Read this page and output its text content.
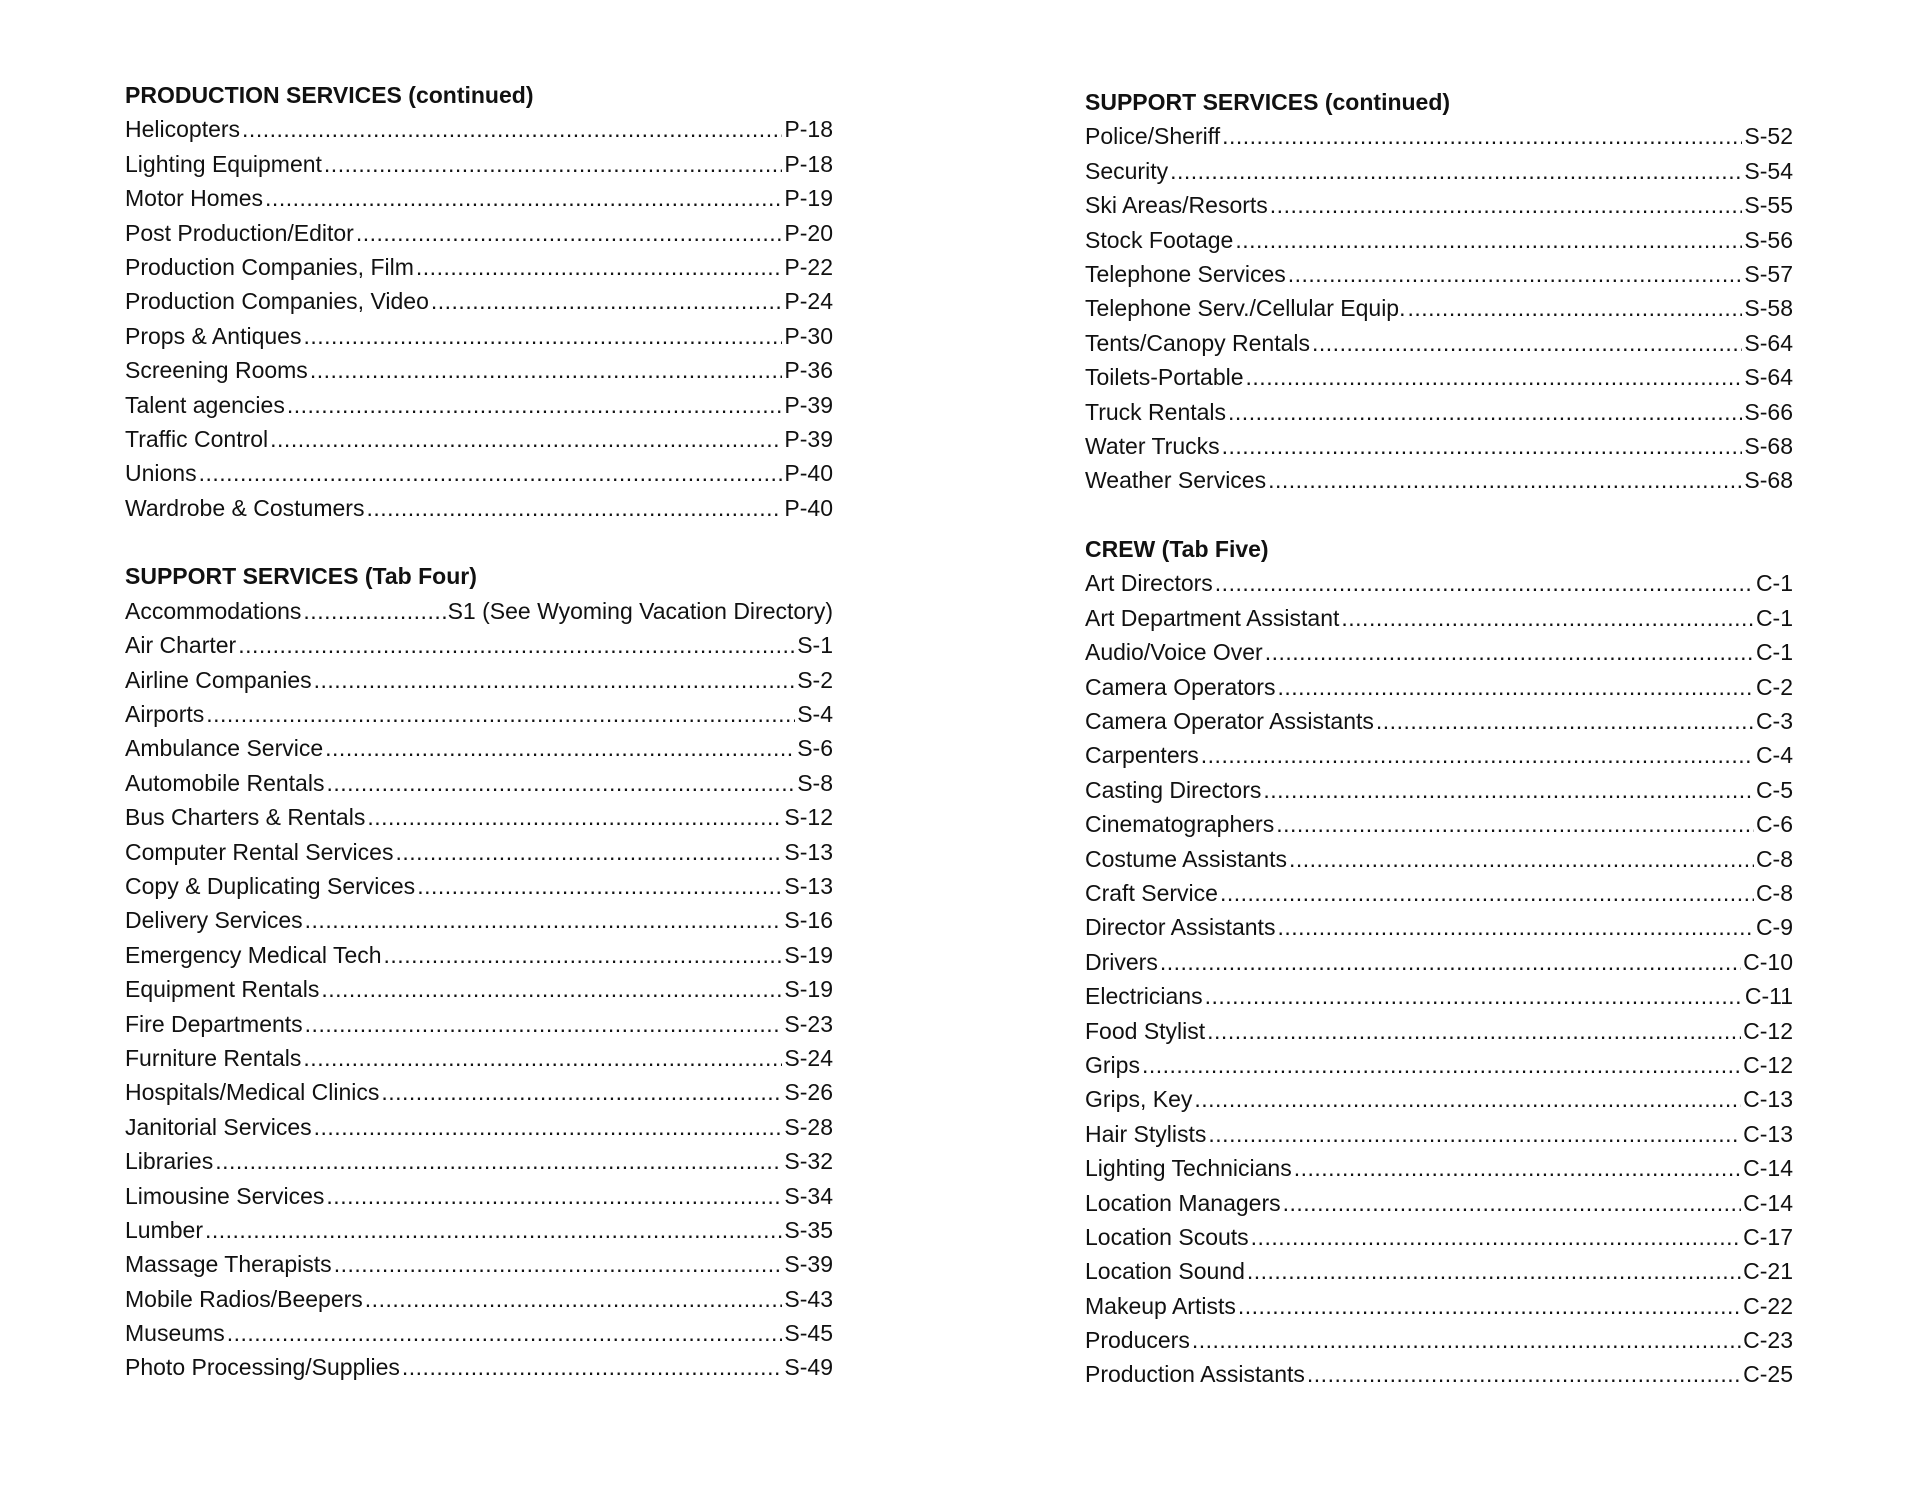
PRODUCTION SERVICES (continued)
Helicopters .....	P-18
Lighting Equipment .....	P-18
Motor Homes .....	P-19
Post Production/Editor .....	P-20
Production Companies, Film .....	P-22
Production Companies, Video .....	P-24
Props & Antiques .....	P-30
Screening Rooms .....	P-36
Talent agencies .....	P-39
Traffic Control .....	P-39
Unions .....	P-40
Wardrobe & Costumers .....	P-40
SUPPORT SERVICES (Tab Four)
Accommodations .....	S1 (See Wyoming Vacation Directory)
Air Charter .....	S-1
Airline Companies .....	S-2
Airports .....	S-4
Ambulance Service .....	S-6
Automobile Rentals .....	S-8
Bus Charters & Rentals .....	S-12
Computer Rental Services .....	S-13
Copy & Duplicating Services .....	S-13
Delivery Services .....	S-16
Emergency Medical Tech .....	S-19
Equipment Rentals .....	S-19
Fire Departments .....	S-23
Furniture Rentals .....	S-24
Hospitals/Medical Clinics .....	S-26
Janitorial Services .....	S-28
Libraries .....	S-32
Limousine Services .....	S-34
Lumber .....	S-35
Massage Therapists .....	S-39
Mobile Radios/Beepers .....	S-43
Museums .....	S-45
Photo Processing/Supplies .....	S-49
SUPPORT SERVICES (continued)
Police/Sheriff .....	S-52
Security .....	S-54
Ski Areas/Resorts .....	S-55
Stock Footage .....	S-56
Telephone Services .....	S-57
Telephone Serv./Cellular Equip. .....	S-58
Tents/Canopy Rentals .....	S-64
Toilets-Portable .....	S-64
Truck Rentals .....	S-66
Water Trucks .....	S-68
Weather Services .....	S-68
CREW (Tab Five)
Art Directors .....	C-1
Art Department Assistant .....	C-1
Audio/Voice Over .....	C-1
Camera Operators .....	C-2
Camera Operator Assistants .....	C-3
Carpenters .....	C-4
Casting Directors .....	C-5
Cinematographers .....	C-6
Costume Assistants .....	C-8
Craft Service .....	C-8
Director Assistants .....	C-9
Drivers .....	C-10
Electricians .....	C-11
Food Stylist .....	C-12
Grips .....	C-12
Grips, Key .....	C-13
Hair Stylists .....	C-13
Lighting Technicians .....	C-14
Location Managers .....	C-14
Location Scouts .....	C-17
Location Sound .....	C-21
Makeup Artists .....	C-22
Producers .....	C-23
Production Assistants .....	C-25
